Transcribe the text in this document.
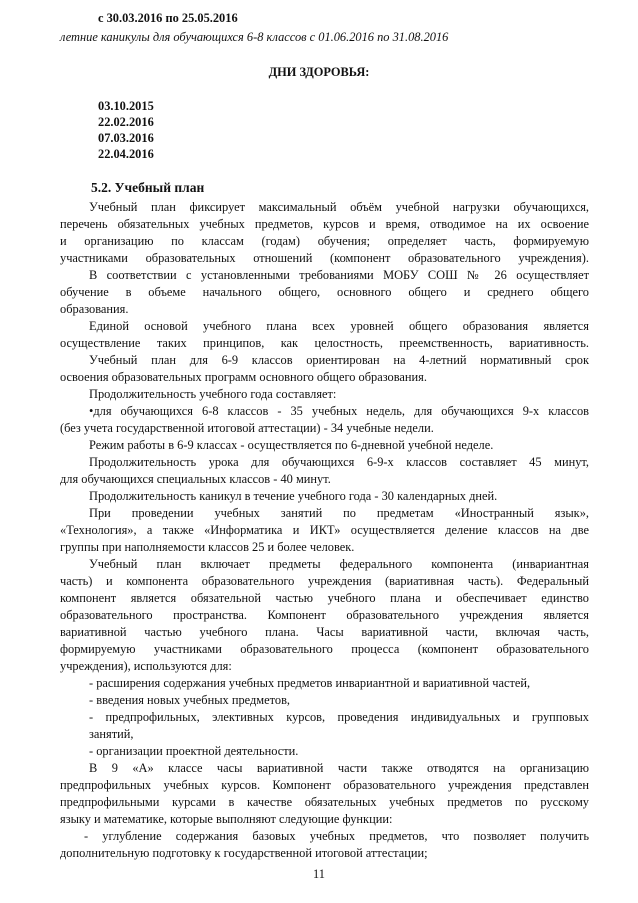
с 30.03.2016 по 25.05.2016
летние каникулы для обучающихся 6-8 классов с 01.06.2016 по 31.08.2016
ДНИ ЗДОРОВЬЯ:
03.10.2015
22.02.2016
07.03.2016
22.04.2016
5.2. Учебный план
Учебный план фиксирует максимальный объём учебной нагрузки обучающихся,
перечень обязательных учебных предметов, курсов и время, отводимое на их освоение
и организацию по классам (годам) обучения; определяет часть, формируемую
участниками образовательных отношений (компонент образовательного учреждения).
В соответствии с установленными требованиями МОБУ СОШ № 26 осуществляет
обучение в объеме начального общего, основного общего и среднего общего
образования.
Единой основой учебного плана всех уровней общего образования является
осуществление таких принципов, как целостность, преемственность, вариативность.
Учебный план для 6-9 классов ориентирован на 4-летний нормативный срок
освоения образовательных программ основного общего образования.
Продолжительность учебного года составляет:
•для обучающихся 6-8 классов - 35 учебных недель, для обучающихся 9-х классов
(без учета государственной итоговой аттестации) - 34 учебные недели.
Режим работы в 6-9 классах - осуществляется по 6-дневной учебной неделе.
Продолжительность урока для обучающихся 6-9-х классов составляет 45 минут,
для обучающихся специальных классов - 40 минут.
Продолжительность каникул в течение учебного года - 30 календарных дней.
При проведении учебных занятий по предметам «Иностранный язык»,
«Технология», а также «Информатика и ИКТ» осуществляется деление классов на две
группы при наполняемости классов 25 и более человек.
Учебный план включает предметы федерального компонента (инвариантная
часть) и компонента образовательного учреждения (вариативная часть). Федеральный
компонент является обязательной частью учебного плана и обеспечивает единство
образовательного пространства. Компонент образовательного учреждения является
вариативной частью учебного плана. Часы вариативной части, включая часть,
формируемую участниками образовательного процесса (компонент образовательного
учреждения), используются для:
- расширения содержания учебных предметов инвариантной и вариативной частей,
- введения новых учебных предметов,
- предпрофильных, элективных курсов, проведения индивидуальных и групповых
занятий,
- организации проектной деятельности.
В 9 «А» классе часы вариативной части также отводятся на организацию
предпрофильных учебных курсов. Компонент образовательного учреждения представлен
предпрофильными курсами в качестве обязательных учебных предметов по русскому
языку и математике, которые выполняют следующие функции:
- углубление содержания базовых учебных предметов, что позволяет получить
дополнительную подготовку к государственной итоговой аттестации;
11
